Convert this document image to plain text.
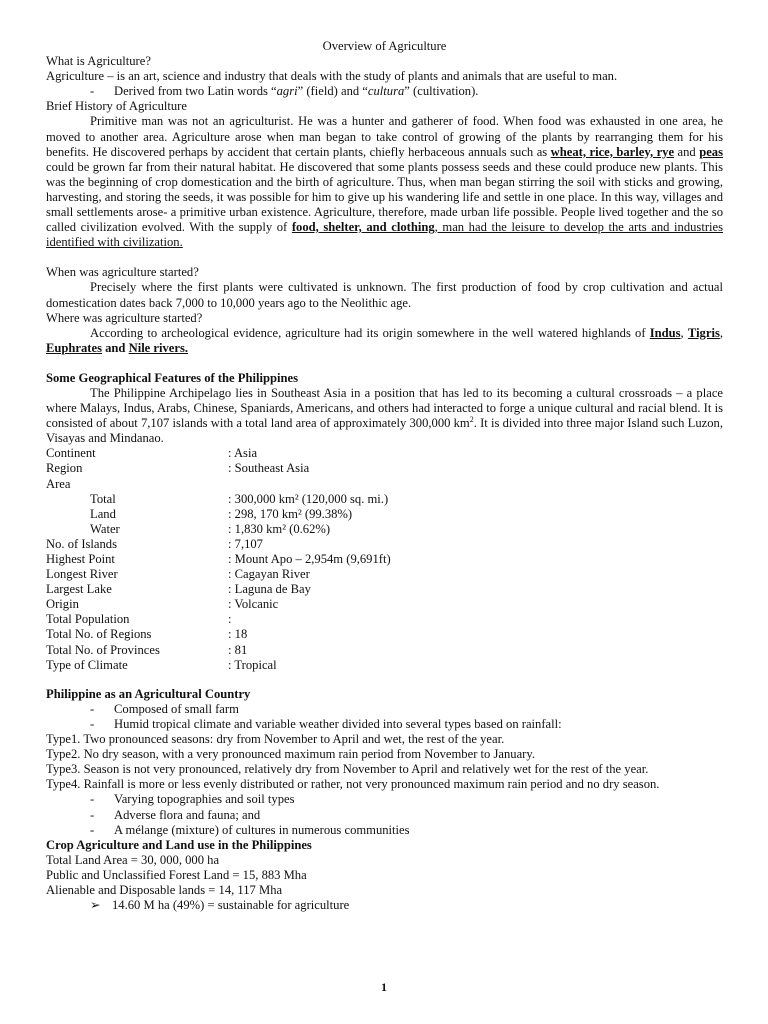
Overview of Agriculture
What is Agriculture?

Agriculture – is an art, science and industry that deals with the study of plants and animals that are useful to man.

- Derived from two Latin words “agri” (field) and “cultura” (cultivation).
Brief History of Agriculture

Primitive man was not an agriculturist. He was a hunter and gatherer of food. When food was exhausted in one area, he moved to another area. Agriculture arose when man began to take control of growing of the plants by rearranging them for his benefits. He discovered perhaps by accident that certain plants, chiefly herbaceous annuals such as wheat, rice, barley, rye and peas could be grown far from their natural habitat. He discovered that some plants possess seeds and these could produce new plants. This was the beginning of crop domestication and the birth of agriculture. Thus, when man began stirring the soil with sticks and growing, harvesting, and storing the seeds, it was possible for him to give up his wandering life and settle in one place. In this way, villages and small settlements arose- a primitive urban existence. Agriculture, therefore, made urban life possible. People lived together and the so called civilization evolved. With the supply of food, shelter, and clothing, man had the leisure to develop the arts and industries identified with civilization.

When was agriculture started?

Precisely where the first plants were cultivated is unknown. The first production of food by crop cultivation and actual domestication dates back 7,000 to 10,000 years ago to the Neolithic age.

Where was agriculture started?

According to archeological evidence, agriculture had its origin somewhere in the well watered highlands of Indus, Tigris, Euphrates and Nile rivers.

Some Geographical Features of the Philippines

The Philippine Archipelago lies in Southeast Asia in a position that has led to its becoming a cultural crossroads – a place where Malays, Indus, Arabs, Chinese, Spaniards, Americans, and others had interacted to forge a unique cultural and racial blend. It is consisted of about 7,107 islands with a total land area of approximately 300,000 $km^2$. It is divided into three major Island such Luzon, Visayas and Mindanao.

Continent	: Asia
Region	: Southeast Asia
Area
Total	: 300,000 km² (120,000 sq. mi.)
Land	: 298, 170 km² (99.38%)
Water	: 1,830 km² (0.62%)
No. of Islands	: 7,107
Highest Point	: Mount Apo – 2,954m (9,691ft)
Longest River	: Cagayan River
Largest Lake	: Laguna de Bay
Origin	: Volcanic
Total Population	:
Total No. of Regions	: 18
Total No. of Provinces	: 81
Type of Climate	: Tropical
Philippine as an Agricultural Country
- Composed of small farm
- Humid tropical climate and variable weather divided into several types based on rainfall:

Type1. Two pronounced seasons: dry from November to April and wet, the rest of the year.

Type2. No dry season, with a very pronounced maximum rain period from November to January.

Type3. Season is not very pronounced, relatively dry from November to April and relatively wet for the rest of the year.

Type4. Rainfall is more or less evenly distributed or rather, not very pronounced maximum rain period and no dry season.

- Varying topographies and soil types
- Adverse flora and fauna; and
- A mélange (mixture) of cultures in numerous communities
Crop Agriculture and Land use in the Philippines
Total Land Area = 30, 000, 000 ha
Public and Unclassified Forest Land = 15, 883 Mha
Alienable and Disposable lands = 14, 117 Mha
➢ 14.60 M ha (49%) = sustainable for agriculture
1
